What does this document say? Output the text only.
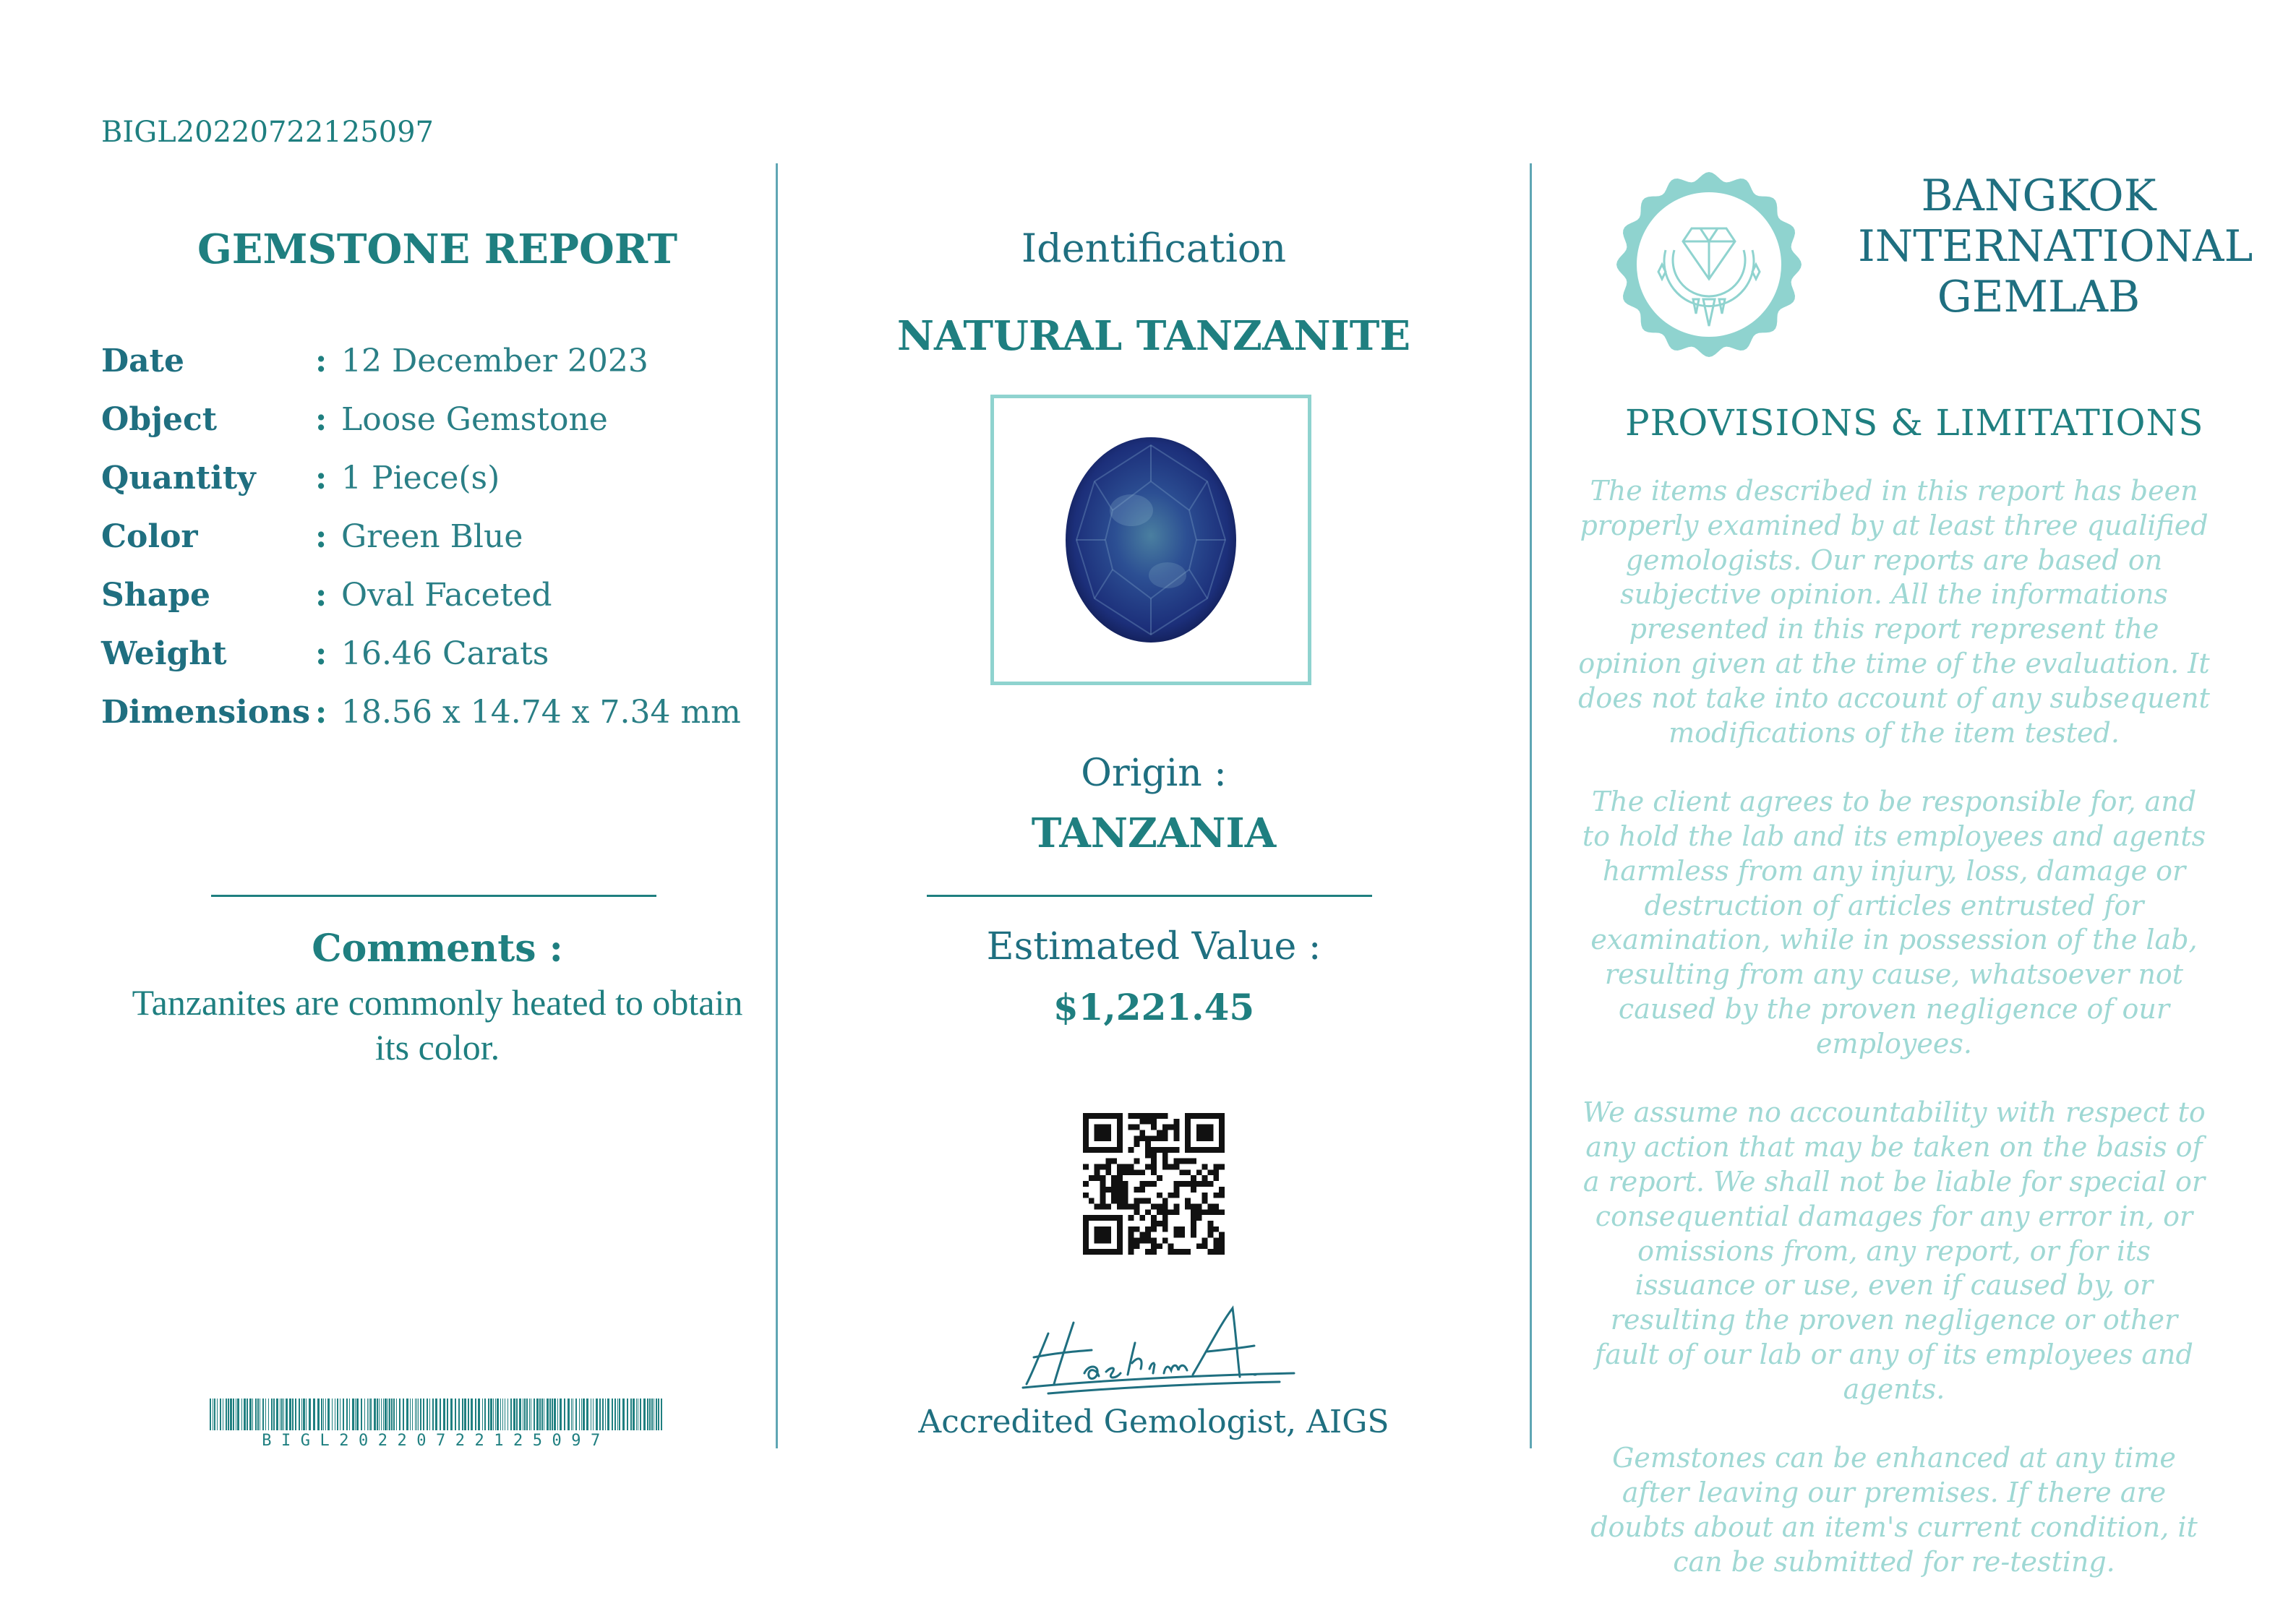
BIGL20220722125097
GEMSTONE REPORT
Date	: 12 December 2023
Object	: Loose Gemstone
Quantity : 1 Piece(s)
Color	: Green Blue
Shape	: Oval Faceted
Weight	: 16.46 Carats
Dimensions : 18.56 x 14.74 x 7.34 mm
Comments :
Tanzanites are commonly heated to obtain its color.
BIGL20220722125097
Identification
NATURAL TANZANITE
Origin :
TANZANIA
Estimated Value :
$1,221.45
Accredited Gemologist, AIGS
BANGKOK INTERNATIONAL GEMLAB
PROVISIONS & LIMITATIONS

The items described in this report has been properly examined by at least three qualified gemologists. Our reports are based on subjective opinion. All the informations presented in this report represent the opinion given at the time of the evaluation. It does not take into account of any subsequent modifications of the item tested.

The client agrees to be responsible for, and to hold the lab and its employees and agents harmless from any injury, loss, damage or destruction of articles entrusted for examination, while in possession of the lab, resulting from any cause, whatsoever not caused by the proven negligence of our employees.

We assume no accountability with respect to any action that may be taken on the basis of a report. We shall not be liable for special or consequential damages for any error in, or omissions from, any report, or for its issuance or use, even if caused by, or resulting the proven negligence or other fault of our lab or any of its employees and agents.

Gemstones can be enhanced at any time after leaving our premises. If there are doubts about an item's current condition, it can be submitted for re-testing.
